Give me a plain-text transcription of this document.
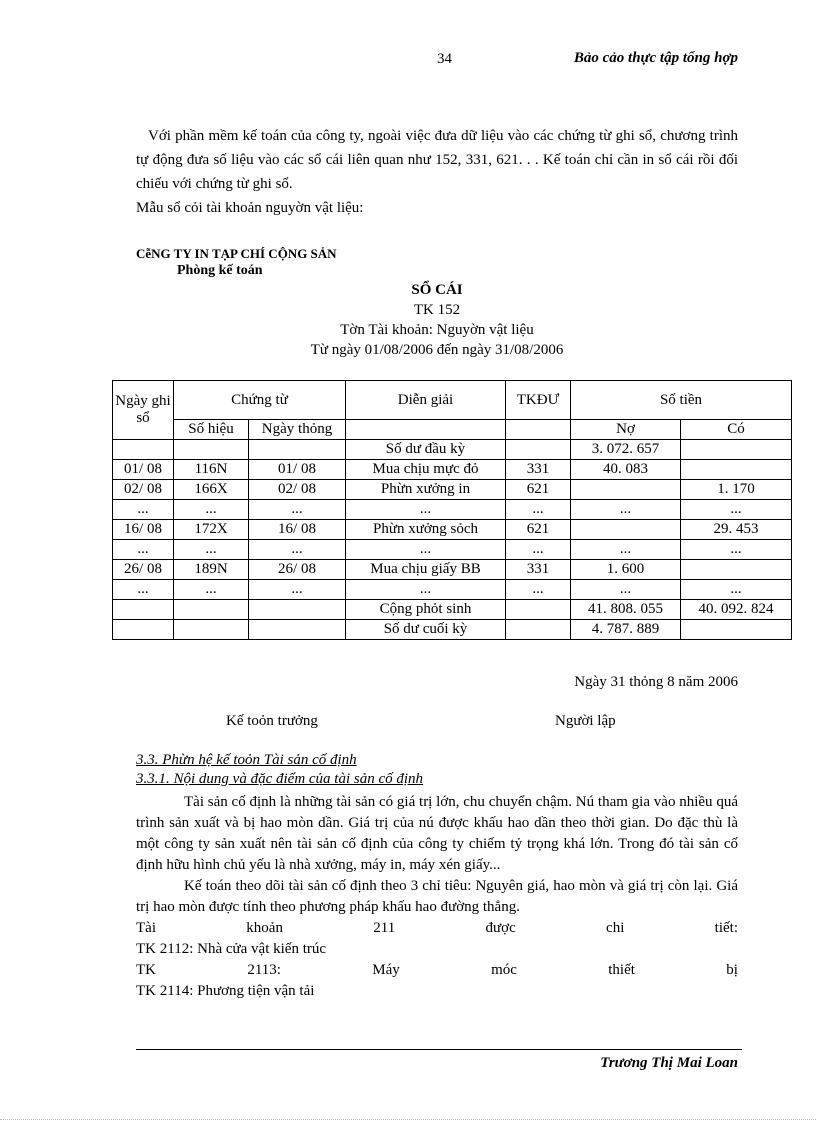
34	Bảo cảo thực tập tổng hợp

Với phần mềm kế toán của công ty, ngoài việc đưa dữ liệu vào các chứng từ ghi sổ, chương trình tự động đưa số liệu vào các sổ cái liên quan như 152, 331, 621. . . Kế toán chỉ cần in sổ cái rồi đối chiếu với chứng từ ghi sổ.

Mẫu sổ cỏi tài khoản nguyờn vật liệu:

CễNG TY IN TẠP CHÍ CỘNG SẢN
Phòng kế toán
SỔ CÁI
TK 152
Tờn Tài khoản: Nguyờn vật liệu
Từ ngày 01/08/2006 đến ngày 31/08/2006
Ngày ghi sổ	Chứng từ		Diễn giải	TKĐƯ	Số tiền	
	Số hiệu	Ngày thỏng			Nợ	Có
			Số dư đầu kỳ		3. 072. 657	
01/ 08	116N	01/ 08	Mua chịu mực đỏ	331	40. 083	
02/ 08	166X	02/ 08	Phừn xưởng in	621		1. 170
...	...	...	...	...	...	...
16/ 08	172X	16/ 08	Phừn xưởng sỏch	621		29. 453
...	...	...	...	...	...	...
26/ 08	189N	26/ 08	Mua chịu giấy BB	331	1. 600	
...	...	...	...	...	...	...
			Cộng phỏt sinh		41. 808. 055	40. 092. 824
			Số dư cuối kỳ		4. 787. 889	
Ngày 31 thỏng 8 năm 2006
Kế toỏn trưởng	Người lập
3.3. Phừn hệ kế toỏn Tài sản cố định
3.3.1. Nội dung và đặc điểm của tài sản cố định

Tài sản cố định là những tài sản có giá trị lớn, chu chuyển chậm. Nú tham gia vào nhiều quá trình sản xuất và bị hao mòn dần. Giá trị của nú được khấu hao dần theo thời gian. Do đặc thù là một công ty sản xuất nên tài sản cố định của công ty chiếm tỷ trọng khá lớn. Trong đó tài sản cố định hữu hình chủ yếu là nhà xưởng, máy in, máy xén giấy...

Kế toán theo dõi tài sản cố định theo 3 chỉ tiêu: Nguyên giá, hao mòn và giá trị còn lại. Giá trị hao mòn được tính theo phương pháp khấu hao đường thẳng.

Tài	khoản	211	được	chi	tiết:
TK 2112: Nhà cửa vật kiến trúc
TK	2113:	Máy	móc	thiết	bị
TK 2114: Phương tiện vận tải
Trương Thị Mai Loan
